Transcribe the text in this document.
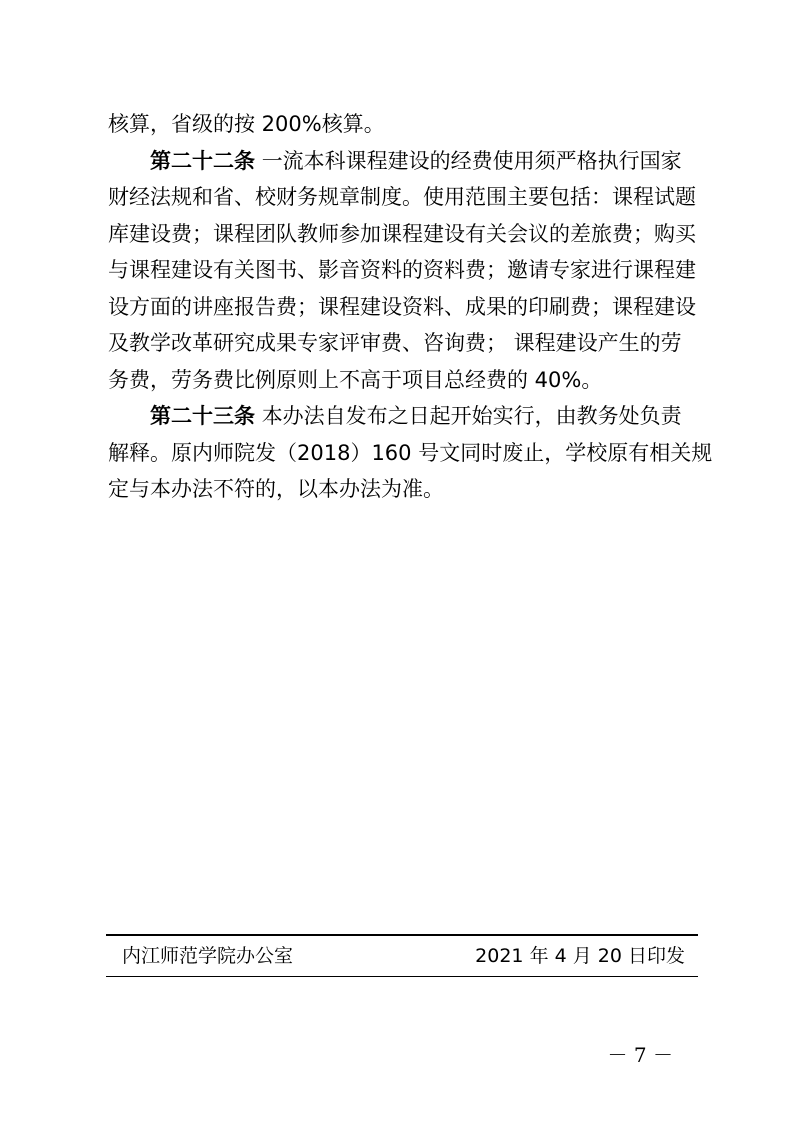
核算，省级的按 200%核算。
第二十二条 一流本科课程建设的经费使用须严格执行国家
财经法规和省、校财务规章制度。使用范围主要包括：课程试题
库建设费；课程团队教师参加课程建设有关会议的差旅费；购买
与课程建设有关图书、影音资料的资料费；邀请专家进行课程建
设方面的讲座报告费；课程建设资料、成果的印刷费；课程建设
及教学改革研究成果专家评审费、咨询费； 课程建设产生的劳
务费，劳务费比例原则上不高于项目总经费的 40%。
第二十三条 本办法自发布之日起开始实行，由教务处负责
解释。原内师院发（2018）160 号文同时废止，学校原有相关规
定与本办法不符的，以本办法为准。
内江师范学院办公室	2021 年 4 月 20 日印发
－ 7 －
